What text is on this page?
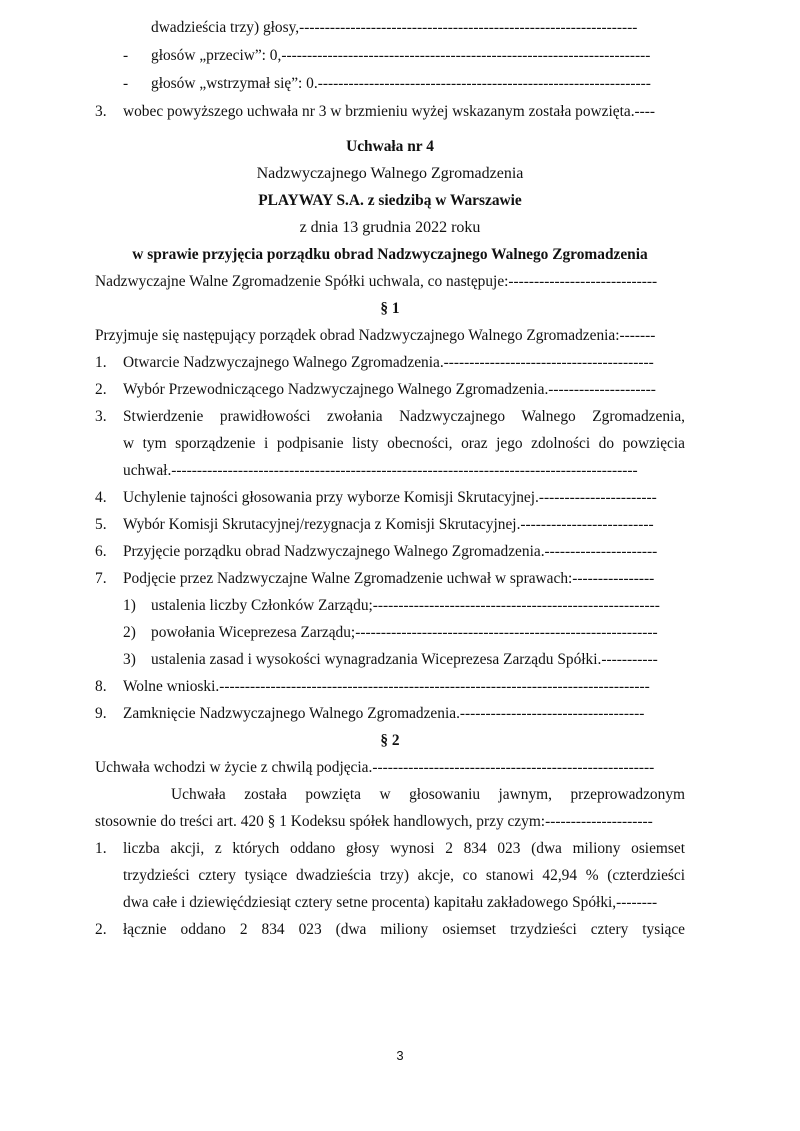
dwadzieścia trzy) głosy,------------------------------------------------------------------
- głosów „przeciw”: 0,------------------------------------------------------------------------
- głosów „wstrzymał się”: 0.-----------------------------------------------------------------
3. wobec powyższego uchwała nr 3 w brzmieniu wyżej wskazanym została powzięta.----
Uchwała nr 4
Nadzwyczajnego Walnego Zgromadzenia
PLAYWAY S.A. z siedzibą w Warszawie
z dnia 13 grudnia 2022 roku
w sprawie przyjęcia porządku obrad Nadzwyczajnego Walnego Zgromadzenia
Nadzwyczajne Walne Zgromadzenie Spółki uchwala, co następuje:-----------------------------
§ 1
Przyjmuje się następujący porządek obrad Nadzwyczajnego Walnego Zgromadzenia:-------
1. Otwarcie Nadzwyczajnego Walnego Zgromadzenia.-----------------------------------------
2. Wybór Przewodniczącego Nadzwyczajnego Walnego Zgromadzenia.---------------------
3. Stwierdzenie prawidłowości zwołania Nadzwyczajnego Walnego Zgromadzenia,
w tym sporządzenie i podpisanie listy obecności, oraz jego zdolności do powzięcia
uchwał.-------------------------------------------------------------------------------------------
4. Uchylenie tajności głosowania przy wyborze Komisji Skrutacyjnej.-----------------------
5. Wybór Komisji Skrutacyjnej/rezygnacja z Komisji Skrutacyjnej.--------------------------
6. Przyjęcie porządku obrad Nadzwyczajnego Walnego Zgromadzenia.----------------------
7. Podjęcie przez Nadzwyczajne Walne Zgromadzenie uchwał w sprawach:----------------
1) ustalenia liczby Członków Zarządu;--------------------------------------------------------
2) powołania Wiceprezesa Zarządu;-----------------------------------------------------------
3) ustalenia zasad i wysokości wynagradzania Wiceprezesa Zarządu Spółki.-----------
8. Wolne wnioski.------------------------------------------------------------------------------------
9. Zamknięcie Nadzwyczajnego Walnego Zgromadzenia.------------------------------------
§ 2
Uchwała wchodzi w życie z chwilą podjęcia.-------------------------------------------------------
Uchwała została powzięta w głosowaniu jawnym, przeprowadzonym
stosownie do treści art. 420 § 1 Kodeksu spółek handlowych, przy czym:---------------------
1. liczba akcji, z których oddano głosy wynosi 2 834 023 (dwa miliony osiemset
trzydzieści cztery tysiące dwadzieścia trzy) akcje, co stanowi 42,94 % (czterdzieści
dwa całe i dziewięćdziesiąt cztery setne procenta) kapitału zakładowego Spółki,--------
2. łącznie oddano 2 834 023 (dwa miliony osiemset trzydzieści cztery tysiące
3
